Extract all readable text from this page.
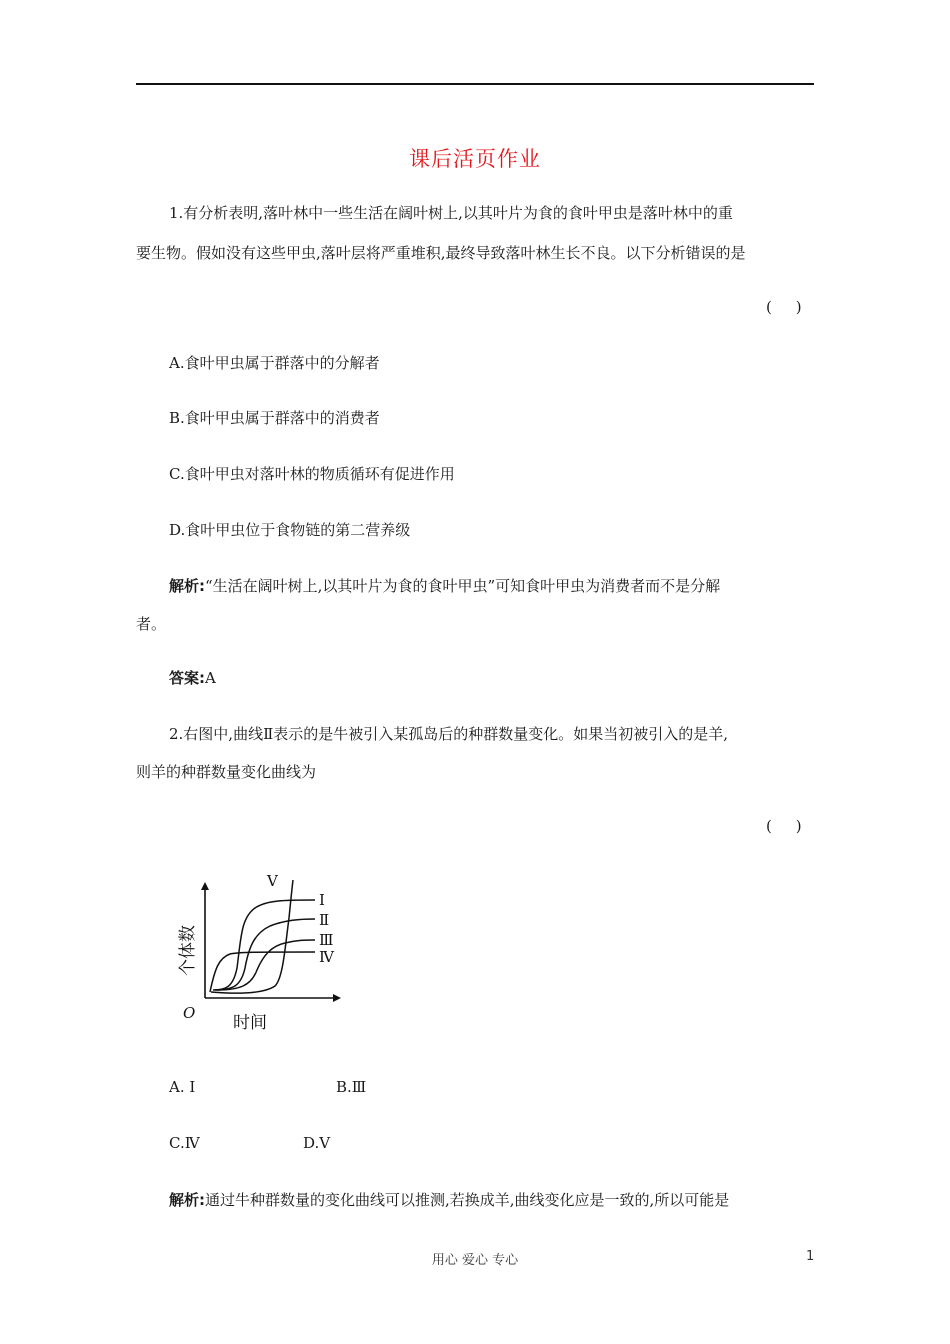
课后活页作业
1.有分析表明,落叶林中一些生活在阔叶树上,以其叶片为食的食叶甲虫是落叶林中的重
要生物。假如没有这些甲虫,落叶层将严重堆积,最终导致落叶林生长不良。以下分析错误的是
(     )
A.食叶甲虫属于群落中的分解者
B.食叶甲虫属于群落中的消费者
C.食叶甲虫对落叶林的物质循环有促进作用
D.食叶甲虫位于食物链的第二营养级
解析:“生活在阔叶树上,以其叶片为食的食叶甲虫”可知食叶甲虫为消费者而不是分解
者。
答案:A
2.右图中,曲线Ⅱ表示的是牛被引入某孤岛后的种群数量变化。如果当初被引入的是羊,
则羊的种群数量变化曲线为
(     )
Ⅴ
Ⅰ
Ⅱ
Ⅲ
Ⅳ
O 时间
个体数
A. Ⅰ	B.Ⅲ
C.Ⅳ	D.Ⅴ
解析:通过牛种群数量的变化曲线可以推测,若换成羊,曲线变化应是一致的,所以可能是
用心 爱心 专心	1
